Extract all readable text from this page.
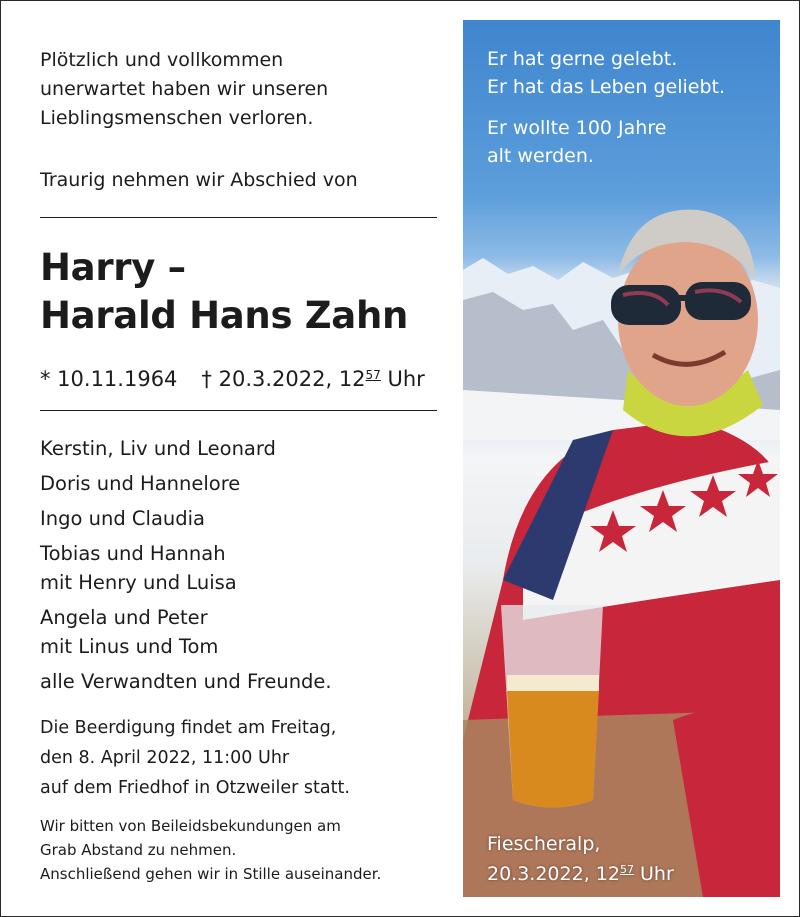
Plötzlich und vollkommen
unerwartet haben wir unseren
Lieblingsmenschen verloren.
Traurig nehmen wir Abschied von
Harry –
Harald Hans Zahn
* 10.11.1964 † 20.3.2022, $12^{57}$ Uhr
Kerstin, Liv und Leonard
Doris und Hannelore
Ingo und Claudia
Tobias und Hannah
mit Henry und Luisa
Angela und Peter
mit Linus und Tom
alle Verwandten und Freunde.
Die Beerdigung findet am Freitag,
den 8. April 2022, 11:00 Uhr
auf dem Friedhof in Otzweiler statt.
Wir bitten von Beileidsbekundungen am
Grab Abstand zu nehmen.
Anschließend gehen wir in Stille auseinander.
Er hat gerne gelebt.
Er hat das Leben geliebt.
Er wollte 100 Jahre
alt werden.
Fiescheralp,
20.3.2022, $12^{57}$ Uhr
